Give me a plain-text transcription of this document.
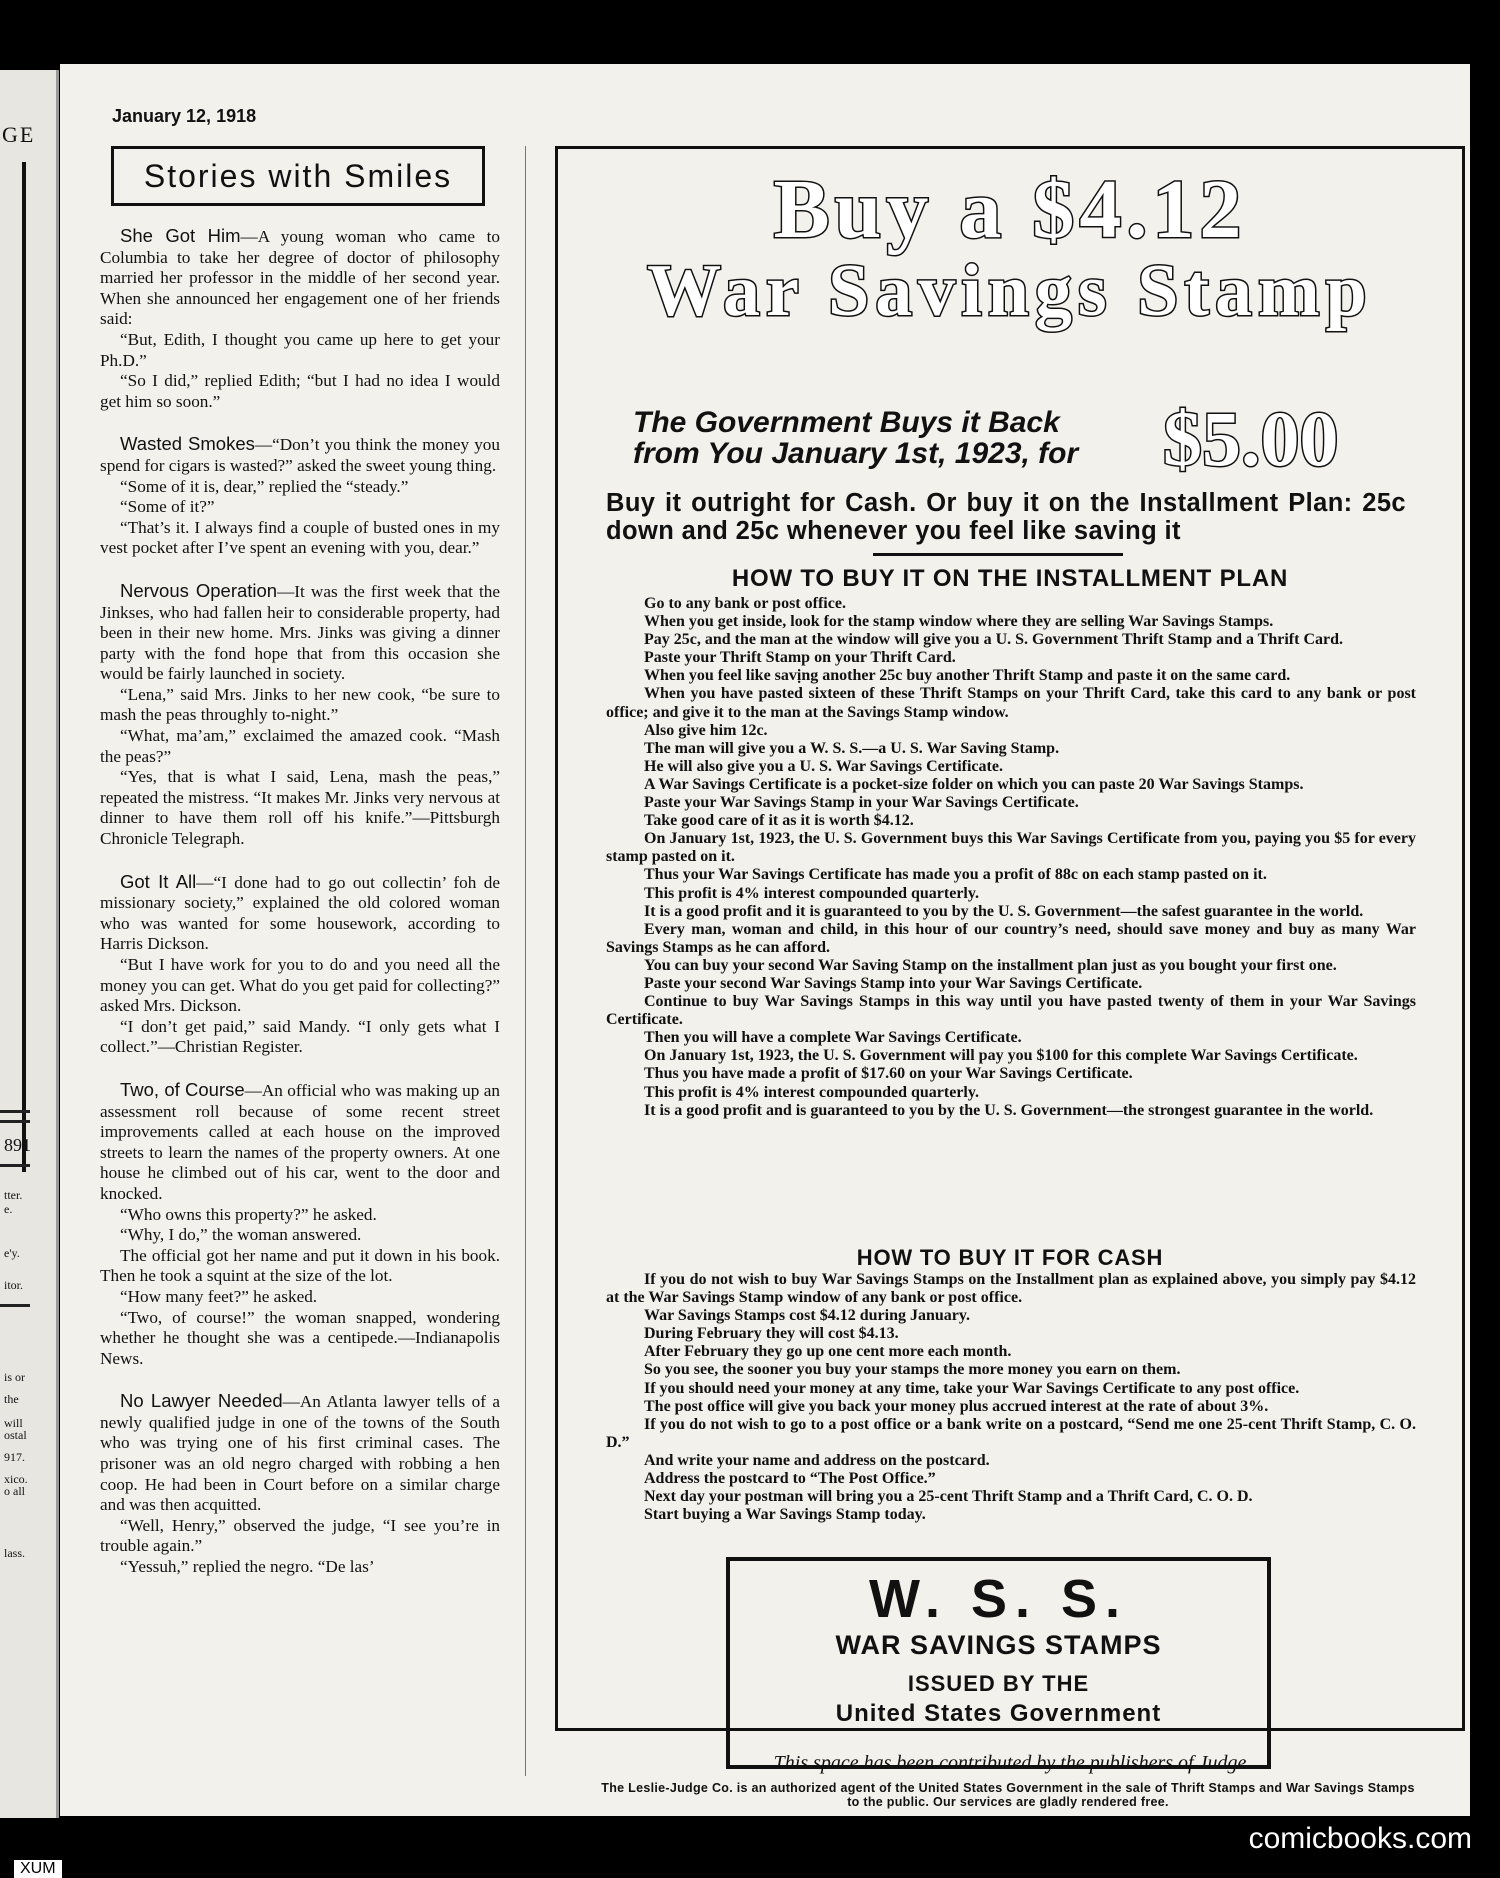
GE
891
tter.
e.
e'y.
itor.
is or
the
will
ostal
917.
xico.
o all
lass.
January 12, 1918
Stories with Smiles

She Got Him—A young woman who came to Columbia to take her degree of doctor of philosophy married her professor in the middle of her second year. When she announced her engagement one of her friends said:

“But, Edith, I thought you came up here to get your Ph.D.”

“So I did,” replied Edith; “but I had no idea I would get him so soon.”

Wasted Smokes—“Don’t you think the money you spend for cigars is wasted?” asked the sweet young thing.

“Some of it is, dear,” replied the “steady.”

“Some of it?”

“That’s it. I always find a couple of busted ones in my vest pocket after I’ve spent an evening with you, dear.”

Nervous Operation—It was the first week that the Jinkses, who had fallen heir to considerable property, had been in their new home. Mrs. Jinks was giving a dinner party with the fond hope that from this occasion she would be fairly launched in society.

“Lena,” said Mrs. Jinks to her new cook, “be sure to mash the peas throughly to-night.”

“What, ma’am,” exclaimed the amazed cook. “Mash the peas?”

“Yes, that is what I said, Lena, mash the peas,” repeated the mistress. “It makes Mr. Jinks very nervous at dinner to have them roll off his knife.”—Pittsburgh Chronicle Telegraph.

Got It All—“I done had to go out collectin’ foh de missionary society,” explained the old colored woman who was wanted for some housework, according to Harris Dickson.

“But I have work for you to do and you need all the money you can get. What do you get paid for collecting?” asked Mrs. Dickson.

“I don’t get paid,” said Mandy. “I only gets what I collect.”—Christian Register.

Two, of Course—An official who was making up an assessment roll because of some recent street improvements called at each house on the improved streets to learn the names of the property owners. At one house he climbed out of his car, went to the door and knocked.

“Who owns this property?” he asked.

“Why, I do,” the woman answered.

The official got her name and put it down in his book. Then he took a squint at the size of the lot.

“How many feet?” he asked.

“Two, of course!” the woman snapped, wondering whether he thought she was a centipede.—Indianapolis News.

No Lawyer Needed—An Atlanta lawyer tells of a newly qualified judge in one of the towns of the South who was trying one of his first criminal cases. The prisoner was an old negro charged with robbing a hen coop. He had been in Court before on a similar charge and was then acquitted.

“Well, Henry,” observed the judge, “I see you’re in trouble again.”

“Yessuh,” replied the negro. “De las’

Buy a $4.12
War Savings Stamp
The Government Buys it Back
from You January 1st, 1923, for	$5.00
Buy it outright for Cash. Or buy it on the Installment Plan: 25c down and 25c whenever you feel like saving it
HOW TO BUY IT ON THE INSTALLMENT PLAN

Go to any bank or post office.

When you get inside, look for the stamp window where they are selling War Savings Stamps.

Pay 25c, and the man at the window will give you a U. S. Government Thrift Stamp and a Thrift Card.

Paste your Thrift Stamp on your Thrift Card.

When you feel like savịng another 25c buy another Thrift Stamp and paste it on the same card.

When you have pasted sixteen of these Thrift Stamps on your Thrift Card, take this card to any bank or post office; and give it to the man at the Savings Stamp window.

Also give him 12c.

The man will give you a W. S. S.—a U. S. War Saving Stamp.

He will also give you a U. S. War Savings Certificate.

A War Savings Certificate is a pocket-size folder on which you can paste 20 War Savings Stamps.

Paste your War Savings Stamp in your War Savings Certificate.

Take good care of it as it is worth $4.12.

On January 1st, 1923, the U. S. Government buys this War Savings Certificate from you, paying you $5 for every stamp pasted on it.

Thus your War Savings Certificate has made you a profit of 88c on each stamp pasted on it.

This profit is 4% interest compounded quarterly.

It is a good profit and it is guaranteed to you by the U. S. Government—the safest guarantee in the world.

Every man, woman and child, in this hour of our country’s need, should save money and buy as many War Savings Stamps as he can afford.

You can buy your second War Saving Stamp on the installment plan just as you bought your first one.

Paste your second War Savings Stamp into your War Savings Certificate.

Continue to buy War Savings Stamps in this way until you have pasted twenty of them in your War Savings Certificate.

Then you will have a complete War Savings Certificate.

On January 1st, 1923, the U. S. Government will pay you $100 for this complete War Savings Certificate.

Thus you have made a profit of $17.60 on your War Savings Certificate.

This profit is 4% interest compounded quarterly.

It is a good profit and is guaranteed to you by the U. S. Government—the strongest guarantee in the world.

HOW TO BUY IT FOR CASH

If you do not wish to buy War Savings Stamps on the Installment plan as explained above, you simply pay $4.12 at the War Savings Stamp window of any bank or post office.

War Savings Stamps cost $4.12 during January.

During February they will cost $4.13.

After February they go up one cent more each month.

So you see, the sooner you buy your stamps the more money you earn on them.

If you should need your money at any time, take your War Savings Certificate to any post office.

The post office will give you back your money plus accrued interest at the rate of about 3%.

If you do not wish to go to a post office or a bank write on a postcard, “Send me one 25-cent Thrift Stamp, C. O. D.”

And write your name and address on the postcard.

Address the postcard to “The Post Office.”

Next day your postman will bring you a 25-cent Thrift Stamp and a Thrift Card, C. O. D.

Start buying a War Savings Stamp today.

W. S. S.
WAR SAVINGS STAMPS
ISSUED BY THE
United States Government
The Leslie-Judge Co. is an authorized agent of the United States Government in the sale of Thrift Stamps and War Savings Stamps to the public. Our services are gladly rendered free.
This space has been contributed by the publishers of Judge
comicbooks.com
XUM
